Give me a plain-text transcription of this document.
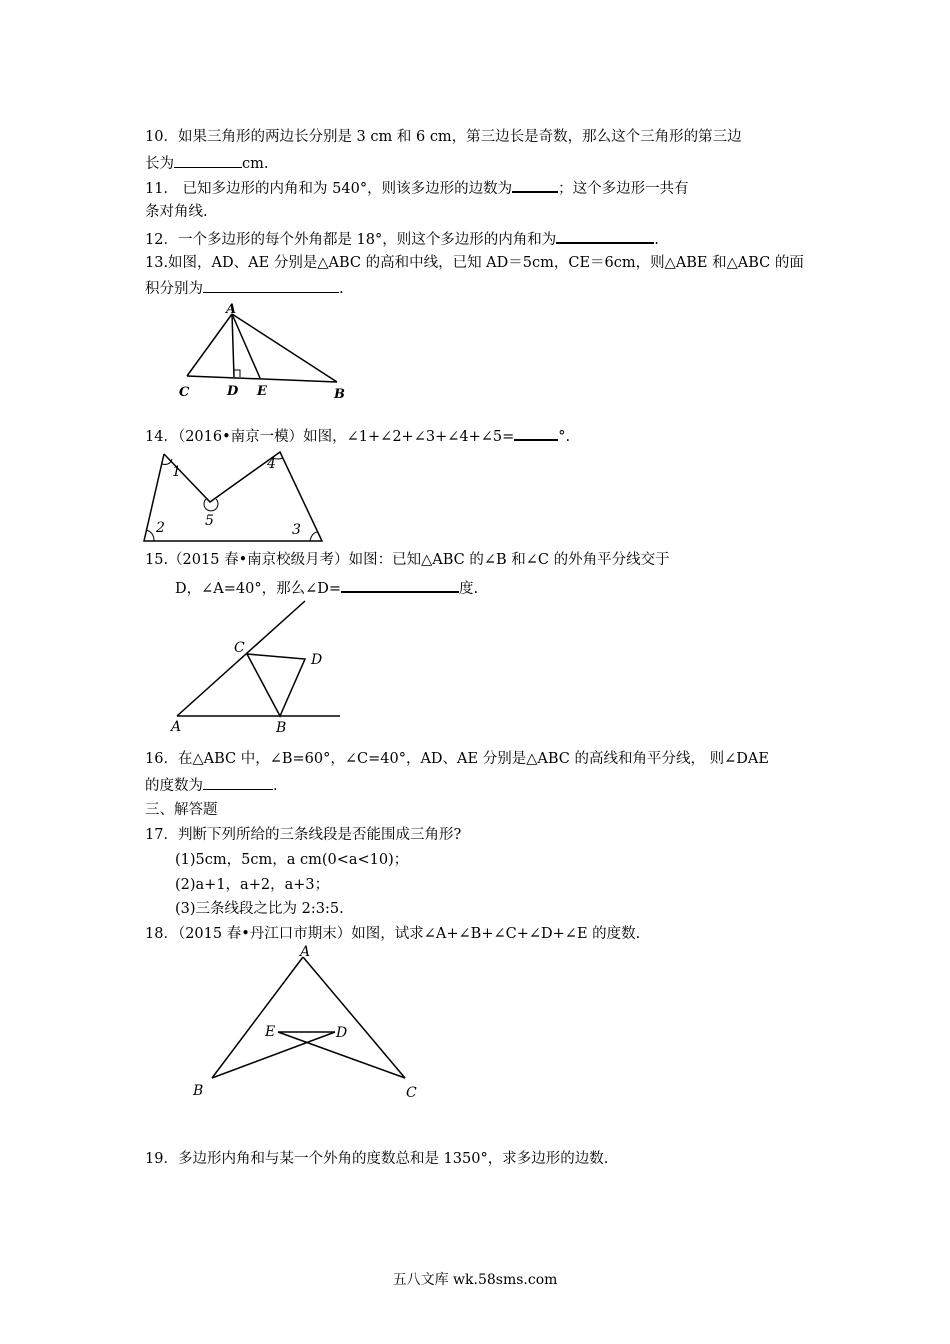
10．如果三角形的两边长分别是 3 cm 和 6 cm，第三边长是奇数，那么这个三角形的第三边
长为	cm.
11． 已知多边形的内角和为 540°，则该多边形的边数为	；这个多边形一共有
条对角线.
12．一个多边形的每个外角都是 18°，则这个多边形的内角和为	.
13.如图，AD、AE 分别是△ABC 的高和中线，已知 AD＝5cm，CE＝6cm，则△ABE 和△ABC 的面
积分别为	.
A
C	D E	B
14．（2016•南京一模）如图，∠1+∠2+∠3+∠4+∠5=	°.
1
2	3
4
5
15.（2015 春•南京校级月考）如图：已知△ABC 的∠B 和∠C 的外角平分线交于
D，∠A=40°，那么∠D=	度.
C
D
A	B
16．在△ABC 中，∠B=60°，∠C=40°，AD、AE 分别是△ABC 的高线和角平分线， 则∠DAE
的度数为	.
三、解答题
17．判断下列所给的三条线段是否能围成三角形?
(1)5cm，5cm，a cm(0<a<10)；
(2)a+1，a+2，a+3；
(3)三条线段之比为 2:3:5.
18．（2015 春•丹江口市期末）如图，试求∠A+∠B+∠C+∠D+∠E 的度数.
A
E	D
B	C
19．多边形内角和与某一个外角的度数总和是 1350°，求多边形的边数.
五八文库 wk.58sms.com
